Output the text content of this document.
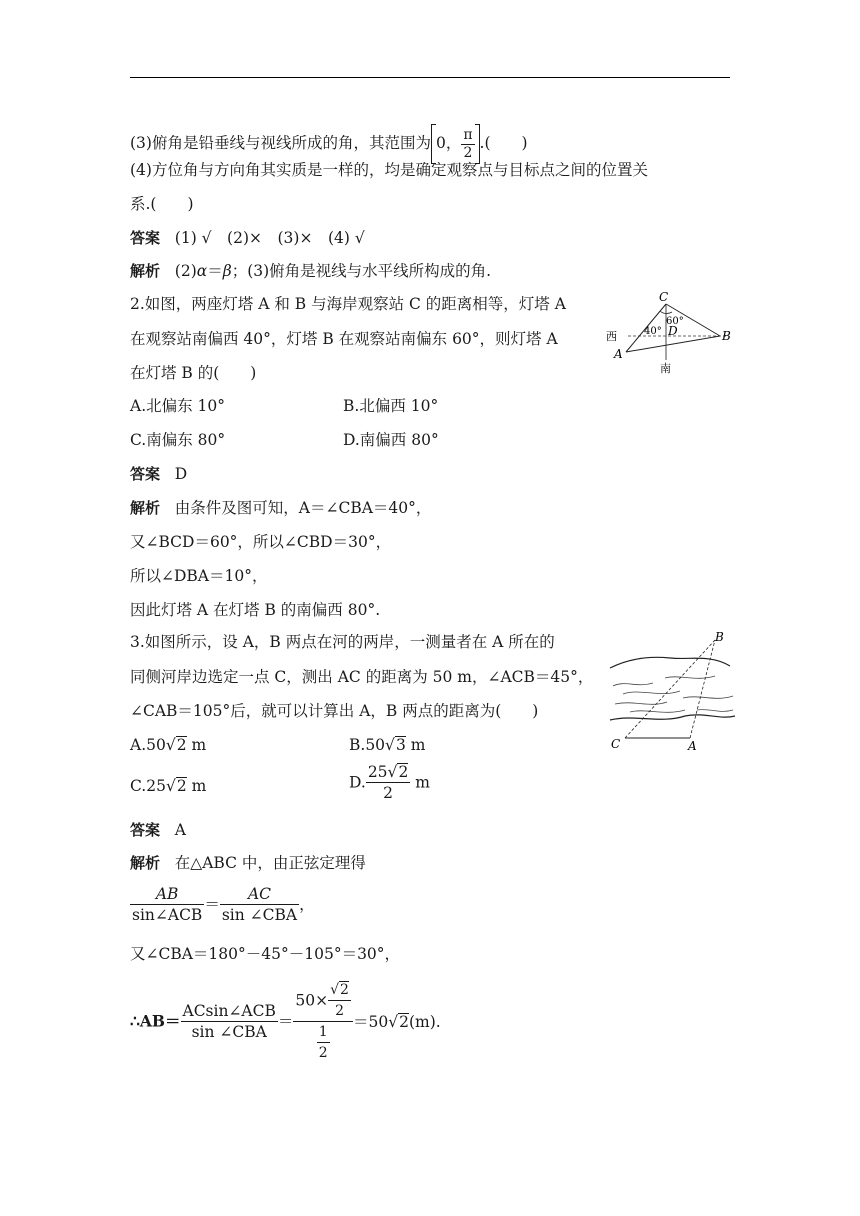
(3)俯角是铅垂线与视线所成的角，其范围为 0， $\frac{\pi}{2}$ .(　　)
(4)方位角与方向角其实质是一样的，均是确定观察点与目标点之间的位置关
系.(　　)
答案 (1) √　(2)×　(3)×　(4) √
解析 (2)α＝β；(3)俯角是视线与水平线所构成的角.
2.如图，两座灯塔 A 和 B 与海岸观察站 C 的距离相等，灯塔 A
在观察站南偏西 40°，灯塔 B 在观察站南偏东 60°，则灯塔 A
在灯塔 B 的(　　)
A.北偏东 10°	B.北偏西 10°
C.南偏东 80°	D.南偏西 80°
答案 D
解析 由条件及图可知，A＝∠CBA＝40°，
又∠BCD＝60°，所以∠CBD＝30°，
所以∠DBA＝10°，
因此灯塔 A 在灯塔 B 的南偏西 80°.
C
60°
40° D
西
A
B
南
3.如图所示，设 A，B 两点在河的两岸，一测量者在 A 所在的
同侧河岸边选定一点 C，测出 AC 的距离为 50 m，∠ACB＝45°，
∠CAB＝105°后，就可以计算出 A，B 两点的距离为(　　)
A.50√2 m	B.50√3 m
C.25√2 m	D. $\frac{25√2}{2}$ m
答案 A
解析 在△ABC 中，由正弦定理得
$\frac{AB}{\text{sin∠ACB}} = \frac{AC}{\text{sin ∠CBA}}$ ，
又∠CBA＝180°－45°－105°＝30°，
∴AB＝ $\frac{\text{ACsin∠ACB}}{\text{sin ∠CBA}} = \frac{50\times \frac{√2}{2}}{\frac{1}{2}} =50√2(m)$.
B
C	A
